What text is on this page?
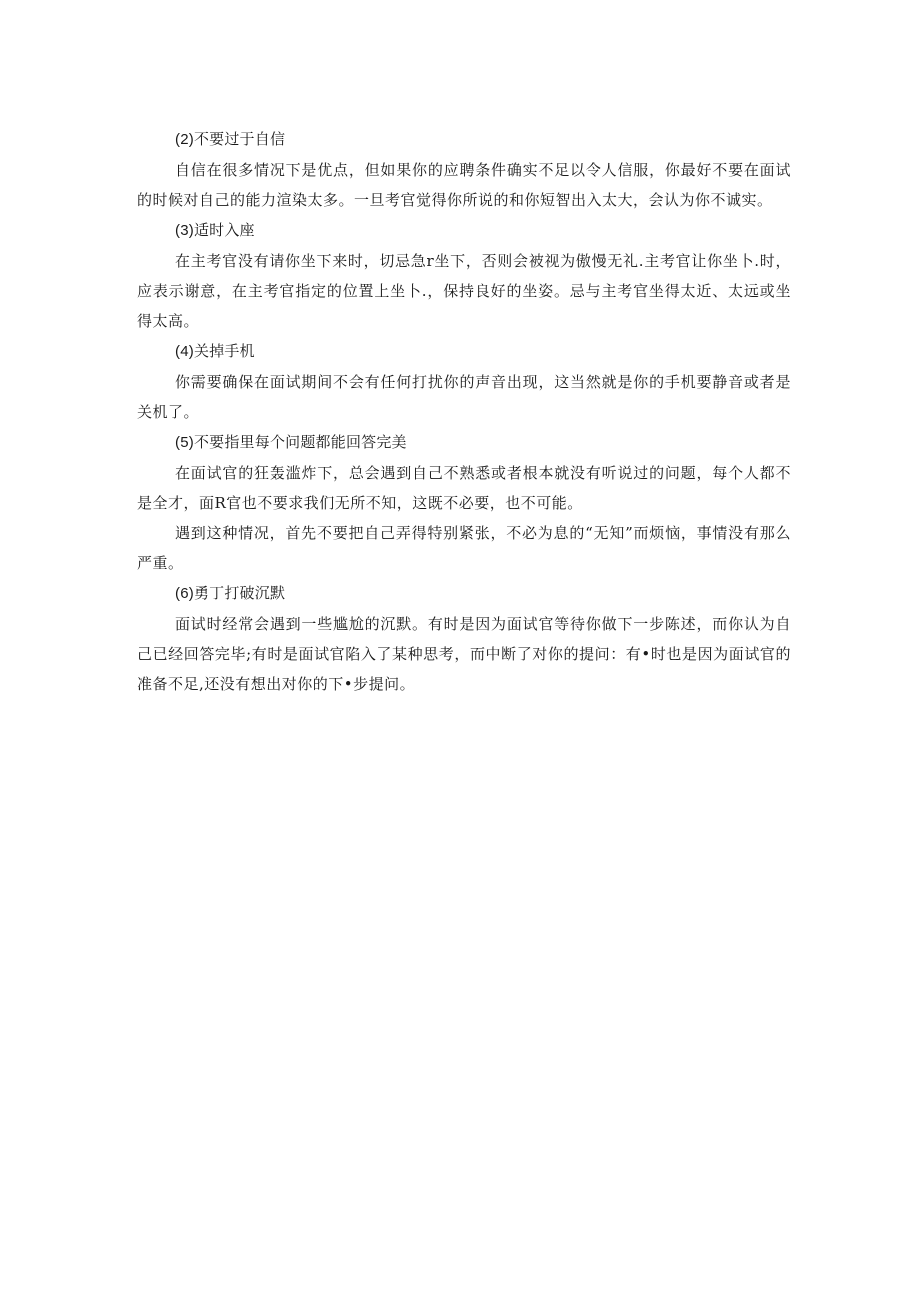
(2)不要过于自信

自信在很多情况下是优点，但如果你的应聘条件确实不足以令人信服，你最好不要在面试的时候对自己的能力渲染太多。一旦考官觉得你所说的和你短智出入太大，会认为你不诚实。

(3)适时入座

在主考官没有请你坐下来时，切忌急r坐下，否则会被视为傲慢无礼.主考官让你坐卜.时，应表示谢意，在主考官指定的位置上坐卜.，保持良好的坐姿。忌与主考官坐得太近、太远或坐得太高。

(4)关掉手机

你需要确保在面试期间不会有任何打扰你的声音出现，这当然就是你的手机要静音或者是关机了。

(5)不要指里每个问题都能回答完美

在面试官的狂轰滥炸下，总会遇到自己不熟悉或者根本就没有听说过的问题，每个人都不是全才，面R官也不要求我们无所不知，这既不必要，也不可能。

遇到这种情况，首先不要把自己弄得特别紧张，不必为息的“无知”而烦恼，事情没有那么严重。

(6)勇丁打破沉默

面试时经常会遇到一些尴尬的沉默。有时是因为面试官等待你做下一步陈述，而你认为自己已经回答完毕;有时是面试官陷入了某种思考，而中断了对你的提问：有•时也是因为面试官的准备不足,还没有想出对你的下•步提问。
